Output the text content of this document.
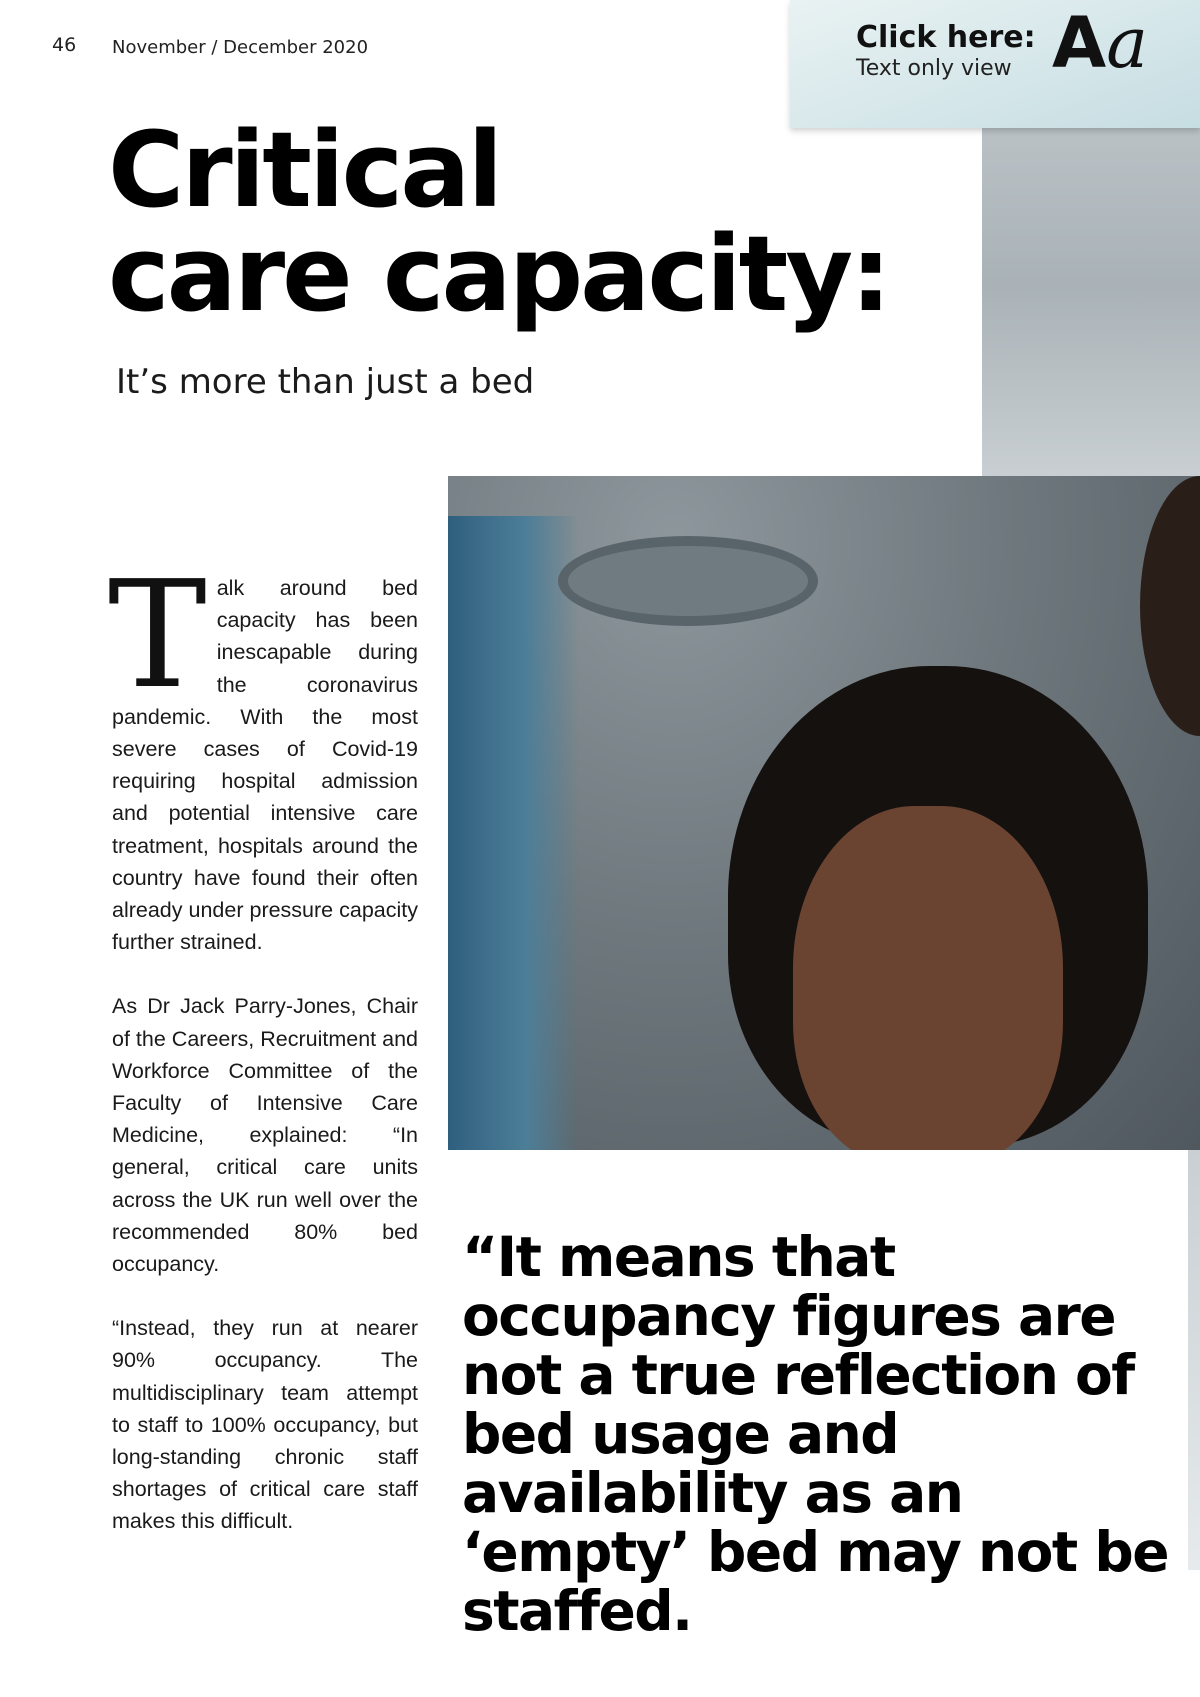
46 November / December 2020	Click here:
Text only view Aa
Critical
care capacity:
It’s more than just a bed

Talk around bed capacity has been inescapable during the coronavirus pandemic. With the most severe cases of Covid-19 requiring hospital admission and potential intensive care treatment, hospitals around the country have found their often already under pressure capacity further strained.

As Dr Jack Parry-Jones, Chair of the Careers, Recruitment and Workforce Committee of the Faculty of Intensive Care Medicine, explained: “In general, critical care units across the UK run well over the recommended 80% bed occupancy.

“Instead, they run at nearer 90% occupancy. The multidisciplinary team attempt to staff to 100% occupancy, but long-standing chronic staff shortages of critical care staff makes this difficult.

“It means that occupancy figures are not a true reflection of bed usage and availability as an ‘empty’ bed may not be staffed.
